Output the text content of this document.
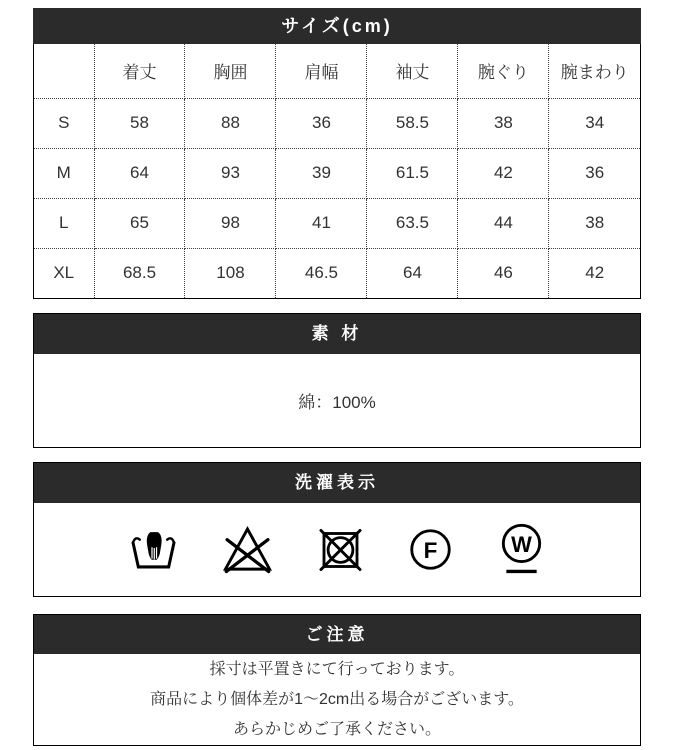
サイズ(cm)
	着丈	胸囲	肩幅	袖丈	腕ぐり	腕まわり
S	58	88	36	58.5	38	34
M	64	93	39	61.5	42	36
L	65	98	41	63.5	44	38
XL	68.5	108	46.5	64	46	42
素 材
綿：100%
洗濯表示
F	W
ご注意
採寸は平置きにて行っております。
商品により個体差が1～2cm出る場合がございます。
あらかじめご了承ください。
